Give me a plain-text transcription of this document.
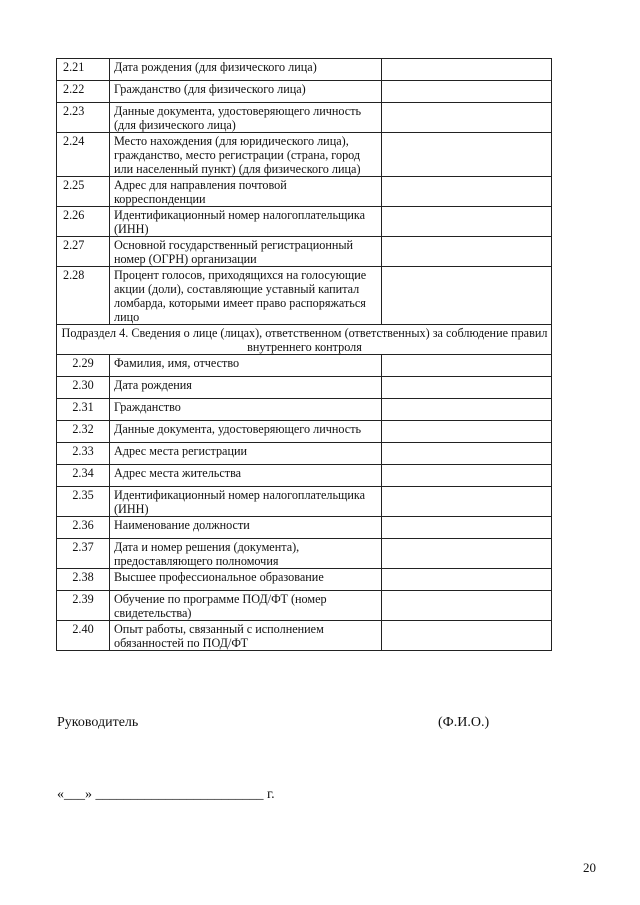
2.21	Дата рождения (для физического лица)	
2.22	Гражданство (для физического лица)	
2.23	Данные документа, удостоверяющего личность (для физического лица)	
2.24	Место нахождения (для юридического лица), гражданство, место регистрации (страна, город или населенный пункт) (для физического лица)	
2.25	Адрес для направления почтовой корреспонденции	
2.26	Идентификационный номер налогоплательщика (ИНН)	
2.27	Основной государственный регистрационный номер (ОГРН) организации	
2.28	Процент голосов, приходящихся на голосующие акции (доли), составляющие уставный капитал ломбарда, которыми имеет право распоряжаться лицо	
Подраздел 4. Сведения о лице (лицах), ответственном (ответственных) за соблюдение правил внутреннего контроля		
2.29	Фамилия, имя, отчество	
2.30	Дата рождения	
2.31	Гражданство	
2.32	Данные документа, удостоверяющего личность	
2.33	Адрес места регистрации	
2.34	Адрес места жительства	
2.35	Идентификационный номер налогоплательщика (ИНН)	
2.36	Наименование должности	
2.37	Дата и номер решения (документа), предоставляющего полномочия	
2.38	Высшее профессиональное образование	
2.39	Обучение по программе ПОД/ФТ (номер свидетельства)	
2.40	Опыт работы, связанный с исполнением обязанностей по ПОД/ФТ	
Руководитель	(Ф.И.О.)
«___» ________________________ г.
20
